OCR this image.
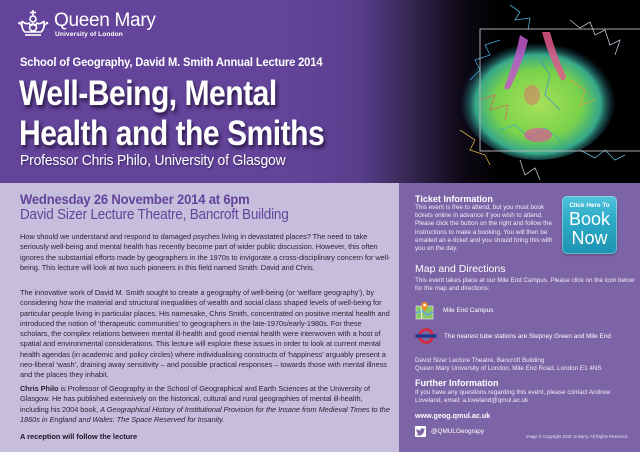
Queen Mary
University of London
School of Geography, David M. Smith Annual Lecture 2014
Well-Being, Mental
Health and the Smiths
Professor Chris Philo, University of Glasgow
Wednesday 26 November 2014 at 6pm
David Sizer Lecture Theatre, Bancroft Building

How should we understand and respond to damaged psyches living in devastated places? The need to take seriously well-being and mental health has recently become part of wider public discussion. However, this often ignores the substantial efforts made by geographers in the 1970s to invigorate a cross-disciplinary concern for well-being. This lecture will look at two such pioneers in this field named Smith: David and Chris.

The innovative work of David M. Smith sought to create a geography of well-being (or ‘welfare geography’), by considering how the material and structural inequalities of wealth and social class shaped levels of well-being for particular people living in particular places. His namesake, Chris Smith, concentrated on positive mental health and introduced the notion of ‘therapeutic communities’ to geographers in the late-1970s/early-1980s. For these scholars, the complex relations between mental ill-health and good mental health were interwoven with a host of spatial and environmental considerations. This lecture will explore these issues in order to look at current mental health agendas (in academic and policy circles) where individualising constructs of ‘happiness’ arguably present a neo-liberal ‘wash’, draining away sensitivity – and possible practical responses – towards those with mental illness and the places they inhabit.

Chris Philo is Professor of Geography in the School of Geographical and Earth Sciences at the University of Glasgow. He has published extensively on the historical, cultural and rural geographies of mental ill-health, including his 2004 book, A Geographical History of Institutional Provision for the Insane from Medieval Times to the 1860s in England and Wales: The Space Reserved for Insanity.

A reception will follow the lecture
Ticket Information

This event is free to attend, but you must book tickets online in advance if you wish to attend. Please click the button on the right and follow the instructions to make a booking. You will then be emailed an e-ticket and you should bring this with you on the day.

Click Here To
Book
Now
Map and Directions

This event takes place at our Mile End Campus. Please click on the icon below for the map and directions:

Mile End Campus
The nearest tube stations are Stepney Green and Mile End

David Sizer Lecture Theatre, Bancroft Building
Queen Mary University of London, Mile End Road, London E1 4NS

Further Information

If you have any questions regarding this event, please contact Andrew Loveland, email: a.loveland@qmul.ac.uk

www.geog.qmul.ac.uk
@QMULGeograpy
Image © Copyright 2010 Jo Barry. All Rights Reserved.
